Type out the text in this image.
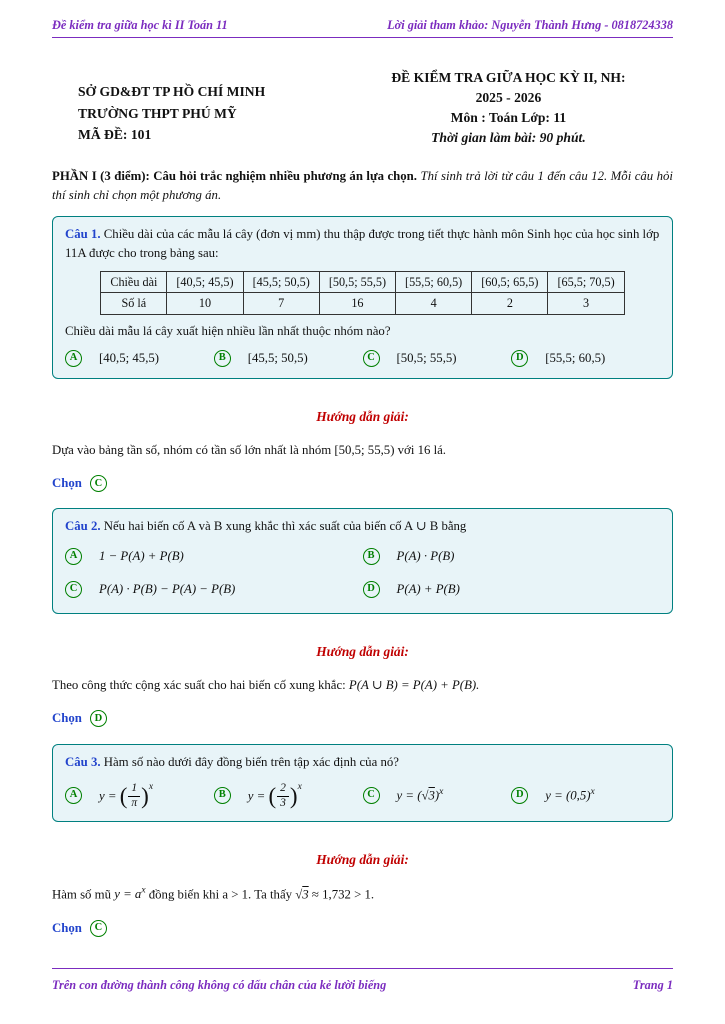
Đề kiểm tra giữa học kì II Toán 11	Lời giải tham khảo: Nguyễn Thành Hưng - 0818724338
SỞ GD&ĐT TP HỒ CHÍ MINH
TRƯỜNG THPT PHÚ MỸ
MÃ ĐỀ: 101
ĐỀ KIỂM TRA GIỮA HỌC KỲ II, NH:
2025 - 2026
Môn : Toán Lớp: 11
Thời gian làm bài: 90 phút.

PHẦN I (3 điểm): Câu hỏi trắc nghiệm nhiều phương án lựa chọn. Thí sinh trả lời từ câu 1 đến câu 12. Mỗi câu hỏi thí sinh chỉ chọn một phương án.

Câu 1. Chiều dài của các mẫu lá cây (đơn vị mm) thu thập được trong tiết thực hành môn Sinh học của học sinh lớp 11A được cho trong bảng sau:
Chiều dài	[40,5; 45,5)	[45,5; 50,5)	[50,5; 55,5)	[55,5; 60,5)	[60,5; 65,5)	[65,5; 70,5)
Số lá	10	7	16	4	2	3
Chiều dài mẫu lá cây xuất hiện nhiều lần nhất thuộc nhóm nào?
A	[40,5; 45,5)	B	[45,5; 50,5)	C	[50,5; 55,5)	D	[55,5; 60,5)
Hướng dẫn giải:

Dựa vào bảng tần số, nhóm có tần số lớn nhất là nhóm [50,5; 55,5) với 16 lá.

Chọn	C
Câu 2. Nếu hai biến cố A và B xung khắc thì xác suất của biến cố A ∪ B bằng
A	1 − P(A) + P(B)	B	P(A) · P(B)
C	P(A) · P(B) − P(A) − P(B)	D	P(A) + P(B)
Hướng dẫn giải:

Theo công thức cộng xác suất cho hai biến cố xung khắc: P(A ∪ B) = P(A) + P(B).

Chọn	D
Câu 3. Hàm số nào dưới đây đồng biến trên tập xác định của nó?
A	y = ( $\frac{1}{\pi} )^x$
B	y = ( $\frac{2}{3} )^x$
C	$y = (√3)^x$	D	$y = (0,5)^x$
Hướng dẫn giải:

Hàm số mũ $y = a^x$ đồng biến khi a > 1. Ta thấy √3 ≈ 1,732 > 1.

Chọn	C
Trên con đường thành công không có dấu chân của kẻ lười biếng	Trang 1
